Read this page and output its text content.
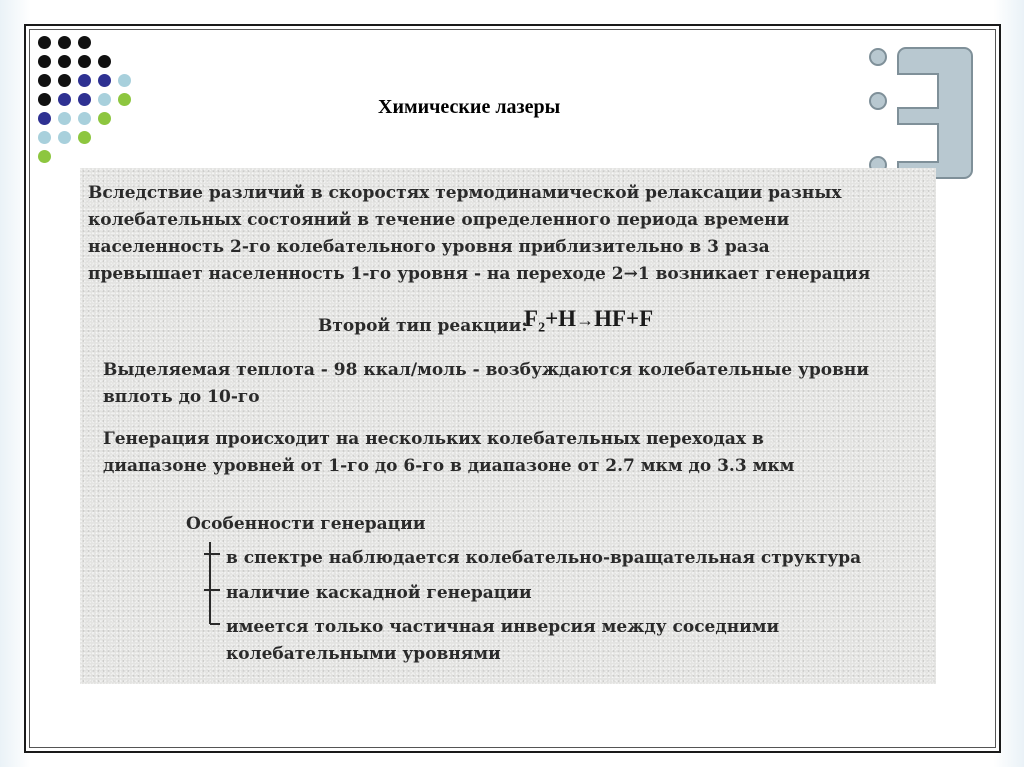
Химические лазеры
Вследствие различий в скоростях термодинамической релаксации разных
колебательных состояний в течение определенного периода времени
населенность 2-го колебательного уровня приблизительно в 3 раза
превышает населенность 1-го уровня - на переходе 2→1 возникает генерация
Второй тип реакции:
$F_2+H\to HF+F$
Выделяемая теплота - 98 ккал/моль - возбуждаются колебательные уровни
вплоть до 10-го
Генерация происходит на нескольких колебательных переходах в
диапазоне уровней от 1-го до 6-го в диапазоне от 2.7 мкм до 3.3 мкм
Особенности генерации
в спектре наблюдается колебательно-вращательная структура
наличие каскадной генерации
имеется только частичная инверсия между соседними
колебательными уровнями
